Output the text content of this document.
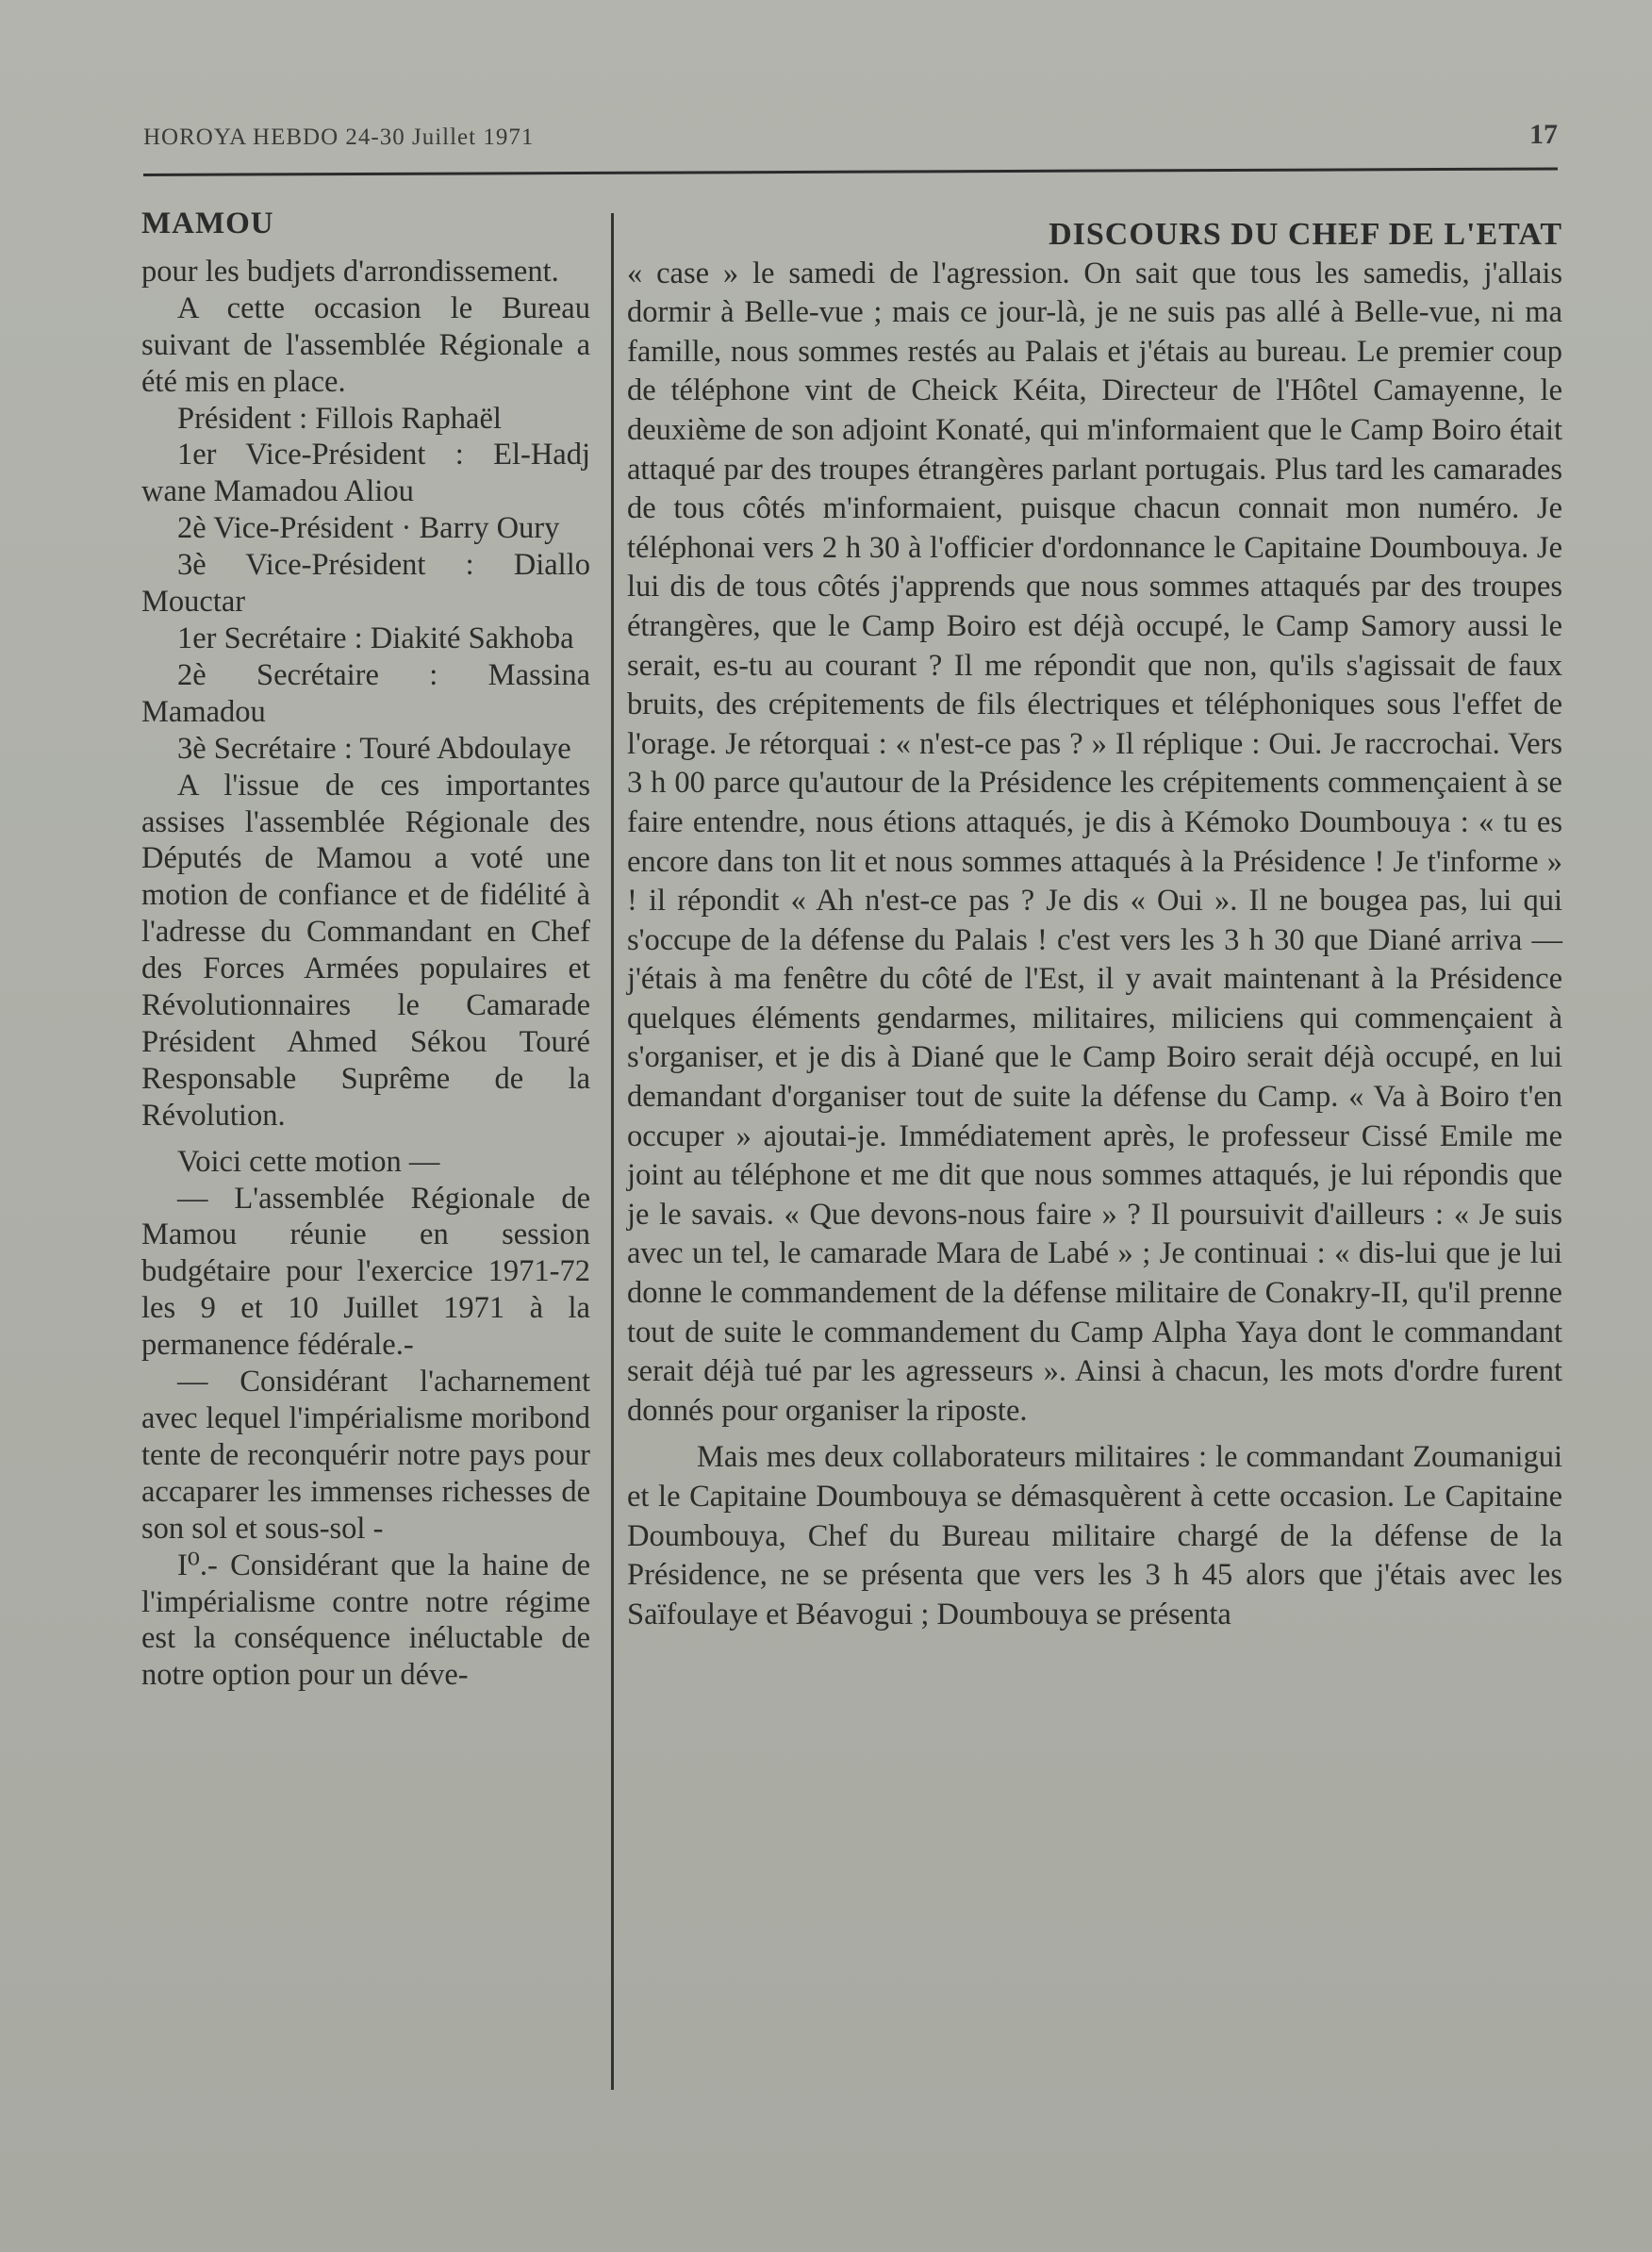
HOROYA HEBDO 24-30 Juillet 1971	17
MAMOU

pour les budjets d'arrondissement.

A cette occasion le Bureau suivant de l'assemblée Régionale a été mis en place.

Président : Fillois Raphaël

1er Vice-Président : El-Hadj wane Mamadou Aliou

2è Vice-Président · Barry Oury

3è Vice-Président : Diallo Mouctar

1er Secrétaire : Diakité Sakhoba

2è Secrétaire : Massina Mamadou

3è Secrétaire : Touré Abdoulaye

A l'issue de ces importantes assises l'assemblée Régionale des Députés de Mamou a voté une motion de confiance et de fidélité à l'adresse du Commandant en Chef des Forces Armées populaires et Révolutionnaires le Camarade Président Ahmed Sékou Touré Responsable Suprême de la Révolution.

Voici cette motion —

— L'assemblée Régionale de Mamou réunie en session budgétaire pour l'exercice 1971-72 les 9 et 10 Juillet 1971 à la permanence fédérale.-

— Considérant l'acharnement avec lequel l'impérialisme moribond tente de reconquérir notre pays pour accaparer les immenses richesses de son sol et sous-sol -

I⁰.- Considérant que la haine de l'impérialisme contre notre régime est la conséquence inéluctable de notre option pour un déve-

DISCOURS DU CHEF DE L'ETAT

« case » le samedi de l'agression. On sait que tous les samedis, j'allais dormir à Belle-vue ; mais ce jour-là, je ne suis pas allé à Belle-vue, ni ma famille, nous sommes restés au Palais et j'étais au bureau. Le premier coup de téléphone vint de Cheick Kéita, Directeur de l'Hôtel Camayenne, le deuxième de son adjoint Konaté, qui m'informaient que le Camp Boiro était attaqué par des troupes étrangères parlant portugais. Plus tard les camarades de tous côtés m'informaient, puisque chacun connait mon numéro. Je téléphonai vers 2 h 30 à l'officier d'ordonnance le Capitaine Doumbouya. Je lui dis de tous côtés j'apprends que nous sommes attaqués par des troupes étrangères, que le Camp Boiro est déjà occupé, le Camp Samory aussi le serait, es-tu au courant ? Il me répondit que non, qu'ils s'agissait de faux bruits, des crépitements de fils électriques et téléphoniques sous l'effet de l'orage. Je rétorquai : « n'est-ce pas ? » Il réplique : Oui. Je raccrochai. Vers 3 h 00 parce qu'autour de la Présidence les crépitements commençaient à se faire entendre, nous étions attaqués, je dis à Kémoko Doumbouya : « tu es encore dans ton lit et nous sommes attaqués à la Présidence ! Je t'informe » ! il répondit « Ah n'est-ce pas ? Je dis « Oui ». Il ne bougea pas, lui qui s'occupe de la défense du Palais ! c'est vers les 3 h 30 que Diané arriva — j'étais à ma fenêtre du côté de l'Est, il y avait maintenant à la Présidence quelques éléments gendarmes, militaires, miliciens qui commençaient à s'organiser, et je dis à Diané que le Camp Boiro serait déjà occupé, en lui demandant d'organiser tout de suite la défense du Camp. « Va à Boiro t'en occuper » ajoutai-je. Immédiatement après, le professeur Cissé Emile me joint au téléphone et me dit que nous sommes attaqués, je lui répondis que je le savais. « Que devons-nous faire » ? Il poursuivit d'ailleurs : « Je suis avec un tel, le camarade Mara de Labé » ; Je continuai : « dis-lui que je lui donne le commandement de la défense militaire de Conakry-II, qu'il prenne tout de suite le commandement du Camp Alpha Yaya dont le commandant serait déjà tué par les agresseurs ». Ainsi à chacun, les mots d'ordre furent donnés pour organiser la riposte.

Mais mes deux collaborateurs militaires : le commandant Zoumanigui et le Capitaine Doumbouya se démasquèrent à cette occasion. Le Capitaine Doumbouya, Chef du Bureau militaire chargé de la défense de la Présidence, ne se présenta que vers les 3 h 45 alors que j'étais avec les Saïfoulaye et Béavogui ; Doumbouya se présenta
